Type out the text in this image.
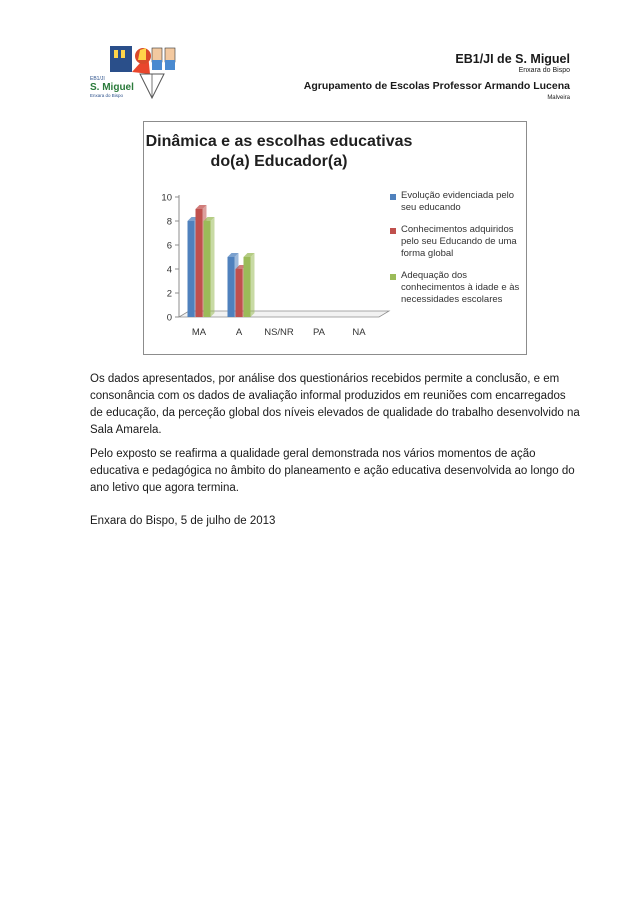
EB1/JI
S. Miguel
Enxara do Bispo
EB1/JI de S. Miguel
Enxara do Bispo
Agrupamento de Escolas Professor Armando Lucena
Malveira
Dinâmica e as escolhas educativas
do(a) Educador(a)
0
2
4
6
8
10
MA	A NS/NR PA	NA
Evolução evidenciada pelo seu educando
Conhecimentos adquiridos pelo seu Educando de uma forma global
Adequação dos conhecimentos à idade e às necessidades escolares
Os dados apresentados, por análise dos questionários recebidos permite a conclusão, e em consonância com os dados de avaliação informal produzidos em reuniões com encarregados de educação, da perceção global dos níveis elevados de qualidade do trabalho desenvolvido na Sala Amarela.
Pelo exposto se reafirma a qualidade geral demonstrada nos vários momentos de ação educativa e pedagógica no âmbito do planeamento e ação educativa desenvolvida ao longo do ano letivo que agora termina.
Enxara do Bispo, 5 de julho de 2013
